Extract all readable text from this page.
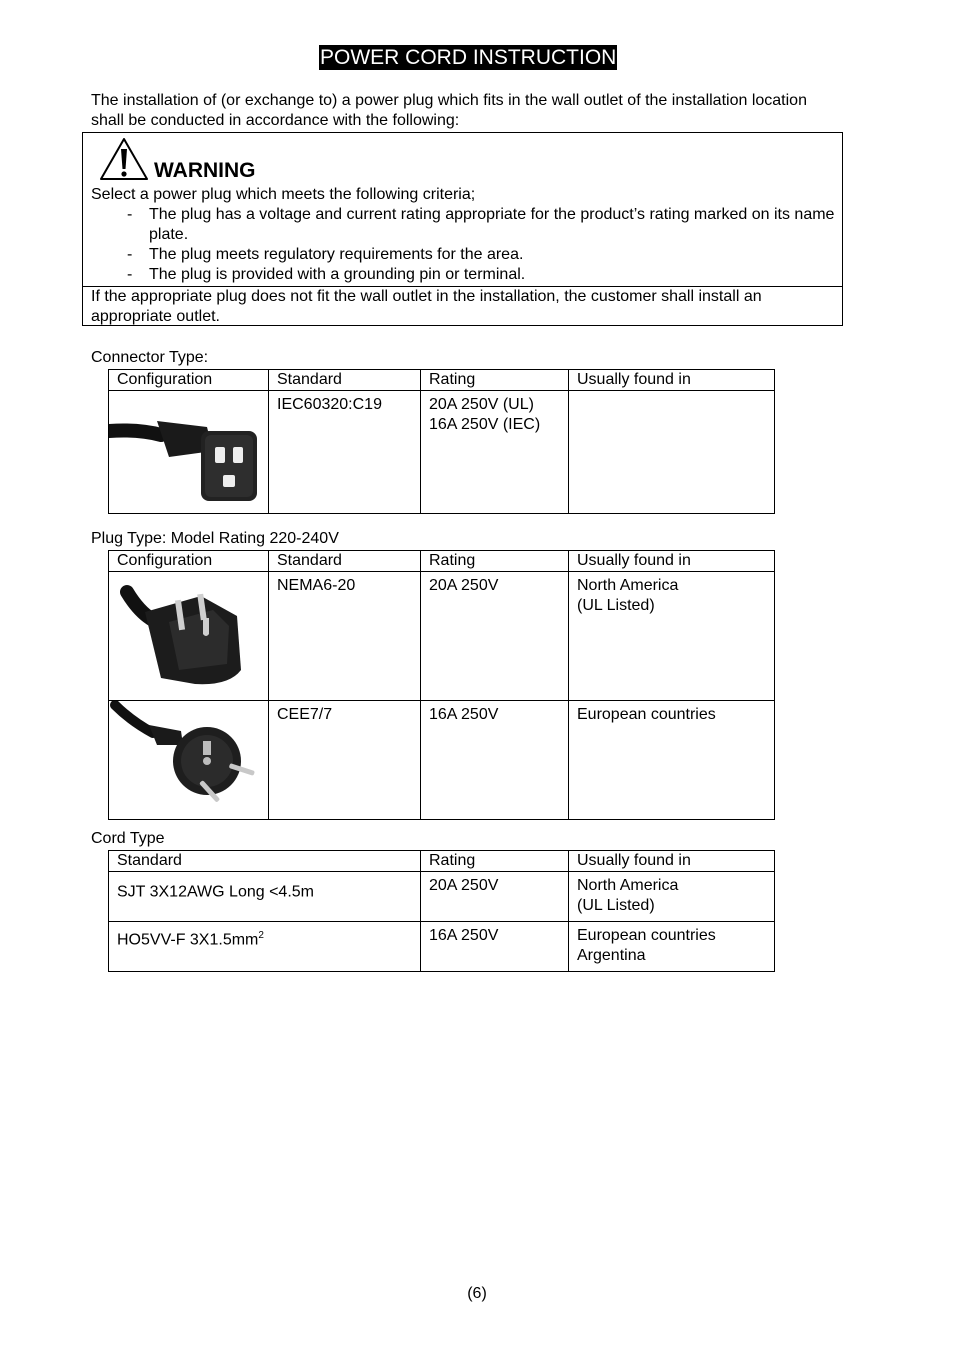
POWER CORD INSTRUCTION
The installation of (or exchange to) a power plug which fits in the wall outlet of the installation location shall be conducted in accordance with the following:
WARNING
Select a power plug which meets the following criteria;
- The plug has a voltage and current rating appropriate for the product’s rating marked on its name plate.
- The plug meets regulatory requirements for the area.
- The plug is provided with a grounding pin or terminal.
If the appropriate plug does not fit the wall outlet in the installation, the customer shall install an appropriate outlet.
Connector Type:
Configuration	Standard	Rating	Usually found in
	IEC60320:C19	20A 250V (UL)
16A 250V (IEC)	

Plug Type: Model Rating 220-240V
Configuration	Standard	Rating	Usually found in
	NEMA6-20	20A 250V	North America
(UL Listed)

	CEE7/7	16A 250V	European countries
Cord Type
Standard	Rating	Usually found in
SJT 3X12AWG Long <4.5m	20A 250V	North America
(UL Listed)

HO5VV-F $3X1.5mm^2$	16A 250V	European countries
Argentina
(6)
